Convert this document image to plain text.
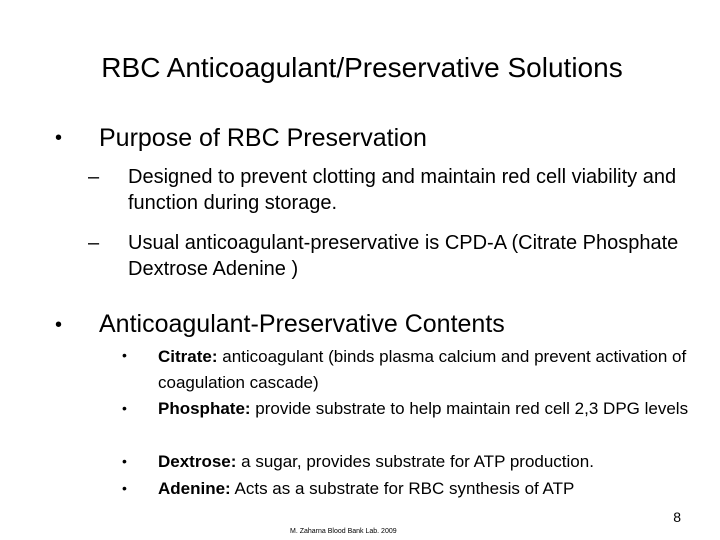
RBC Anticoagulant/Preservative Solutions
• Purpose of RBC Preservation
– Designed to prevent clotting and maintain red cell viability and function during storage.
– Usual anticoagulant-preservative is CPD-A (Citrate Phosphate Dextrose Adenine )
• Anticoagulant-Preservative Contents
• Citrate: anticoagulant (binds plasma calcium and prevent activation of coagulation cascade)
• Phosphate: provide substrate to help maintain red cell 2,3 DPG levels
• Dextrose: a sugar, provides substrate for ATP production.
• Adenine: Acts as a substrate for RBC synthesis of ATP
8
M. Zaharna Blood Bank Lab. 2009
